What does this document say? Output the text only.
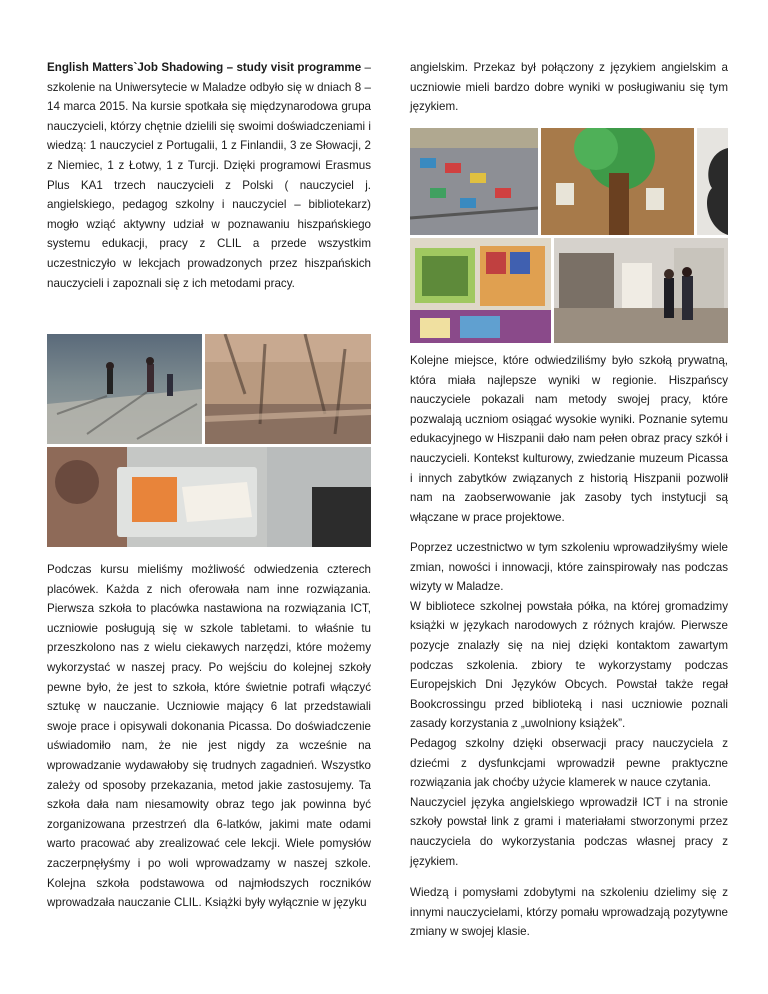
English Matters`Job Shadowing – study visit programme – szkolenie na Uniwersytecie w Maladze odbyło się w dniach 8 – 14 marca 2015. Na kursie spotkała się międzynarodowa grupa nauczycieli, którzy chętnie dzielili się swoimi doświadczeniami i wiedzą: 1 nauczyciel z Portugalii, 1 z Finlandii, 3 ze Słowacji, 2 z Niemiec, 1 z Łotwy, 1 z Turcji. Dzięki programowi Erasmus Plus KA1 trzech nauczycieli z Polski ( nauczyciel j. angielskiego, pedagog szkolny i nauczyciel – bibliotekarz) mogło wziąć aktywny udział w poznawaniu hiszpańskiego systemu edukacji, pracy z CLIL a przede wszystkim uczestniczyło w lekcjach prowadzonych przez hiszpańskich nauczycieli i zapoznali się z ich metodami pracy.

Podczas kursu mieliśmy możliwość odwiedzenia czterech placówek. Każda z nich oferowała nam inne rozwiązania. Pierwsza szkoła to placówka nastawiona na rozwiązania ICT, uczniowie posługują się w szkole tabletami. to właśnie tu przeszkolono nas z wielu ciekawych narzędzi, które możemy wykorzystać w naszej pracy. Po wejściu do kolejnej szkoły pewne było, że jest to szkoła, które świetnie potrafi włączyć sztukę w nauczanie. Uczniowie mający 6 lat przedstawiali swoje prace i opisywali dokonania Picassa. Do doświadczenie uświadomiło nam, że nie jest nigdy za wcześnie na wprowadzanie wydawałoby się trudnych zagadnień. Wszystko zależy od sposoby przekazania, metod jakie zastosujemy. Ta szkoła dała nam niesamowity obraz tego jak powinna być zorganizowana przestrzeń dla 6-latków, jakimi mate odami warto pracować aby zrealizować cele lekcji. Wiele pomysłów zaczerpnęłyśmy i po woli wprowadzamy w naszej szkole. Kolejna szkoła podstawowa od najmłodszych roczników wprowadzała nauczanie CLIL. Książki były wyłącznie w języku

angielskim. Przekaz był połączony z językiem angielskim a uczniowie mieli bardzo dobre wyniki w posługiwaniu się tym językiem.

Kolejne miejsce, które odwiedziliśmy było szkołą prywatną, która miała najlepsze wyniki w regionie. Hiszpańscy nauczyciele pokazali nam metody swojej pracy, które pozwalają uczniom osiągać wysokie wyniki. Poznanie sytemu edukacyjnego w Hiszpanii dało nam pełen obraz pracy szkół i nauczycieli. Kontekst kulturowy, zwiedzanie muzeum Picassa i innych zabytków związanych z historią Hiszpanii pozwolił nam na zaobserwowanie jak zasoby tych instytucji są włączane w prace projektowe.

Poprzez uczestnictwo w tym szkoleniu wprowadziłyśmy wiele zmian, nowości i innowacji, które zainspirowały nas podczas wizyty w Maladze.

W bibliotece szkolnej powstała półka, na której gromadzimy książki w językach narodowych z różnych krajów. Pierwsze pozycje znalazły się na niej dzięki kontaktom zawartym podczas szkolenia. zbiory te wykorzystamy podczas Europejskich Dni Języków Obcych. Powstał także regał Bookcrossingu przed biblioteką i nasi uczniowie poznali zasady korzystania z „uwolniony książek”.

Pedagog szkolny dzięki obserwacji pracy nauczyciela z dziećmi z dysfunkcjami wprowadził pewne praktyczne rozwiązania jak choćby użycie klamerek w nauce czytania.

Nauczyciel języka angielskiego wprowadził ICT i na stronie szkoły powstał link z grami i materiałami stworzonymi przez nauczyciela do wykorzystania podczas własnej pracy z językiem.

Wiedzą i pomysłami zdobytymi na szkoleniu dzielimy się z innymi nauczycielami, którzy pomału wprowadzają pozytywne zmiany w swojej klasie.
